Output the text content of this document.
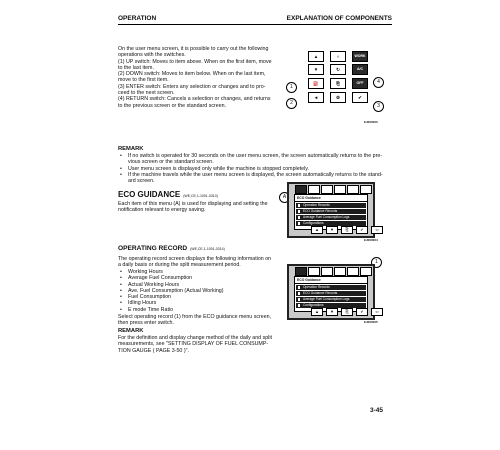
OPERATION	EXPLANATION OF COMPONENTS
On the user menu screen, it is possible to carry out the following
operations with the switches.
(1) UP switch: Moves to item above. When on the first item, move
to the last item.
(2) DOWN switch: Moves to item below. When on the last item,
move to the first item.
(3) ENTER switch: Enters any selection or changes and to pro-
ceed to the next screen.
(4) RETURN switch: Cancels a selection or changes, and returns
to the previous screen or the standard screen.
▲	∩	WORK
▼	↻	A/C
⛽	⎘	OFF
◄	⚙	✔
1
2	3
4
EJ000000
REMARK
• If no switch is operated for 30 seconds on the user menu screen, the screen automatically returns to the pre-
vious screen or the standard screen.
• User menu screen is displayed only while the machine is stopped completely.
• If the machine travels while the user menu screen is displayed, the screen automatically returns to the stand-
ard screen.
ECO GUIDANCE (WE,CE,1-1001-0310)
Each item of this menu (A) is used for displaying and setting the
notification relevant to energy saving.
A	ECO Guidance
Operation Records
ECO Guidance Records
Average Fuel Consumption Logs
Configurations
▲	▼	⎘	✔	⇦
EJ000004
OPERATING RECORD (WE,CE,1-1001-0314)
The operating record screen displays the following information on
a daily basis or during the split measurement period.
• Working Hours
• Average Fuel Consumption
• Actual Working Hours
• Ave. Fuel Consumption (Actual Working)
• Fuel Consumption
• Idling Hours
• E mode Time Ratio
Select operating record (1) from the ECO guidance menu screen,
then press enter switch.
1
ECO Guidance
Operation Records
ECO Guidance Records
Average Fuel Consumption Logs
Configurations
▲	▼	⎘	✔	⇦
EJ000005
REMARK
For the definition and display change method of the daily and split
measurements, see "SETTING DISPLAY OF FUEL CONSUMP-
TION GAUGE ( PAGE 3-50 )".
3-45
